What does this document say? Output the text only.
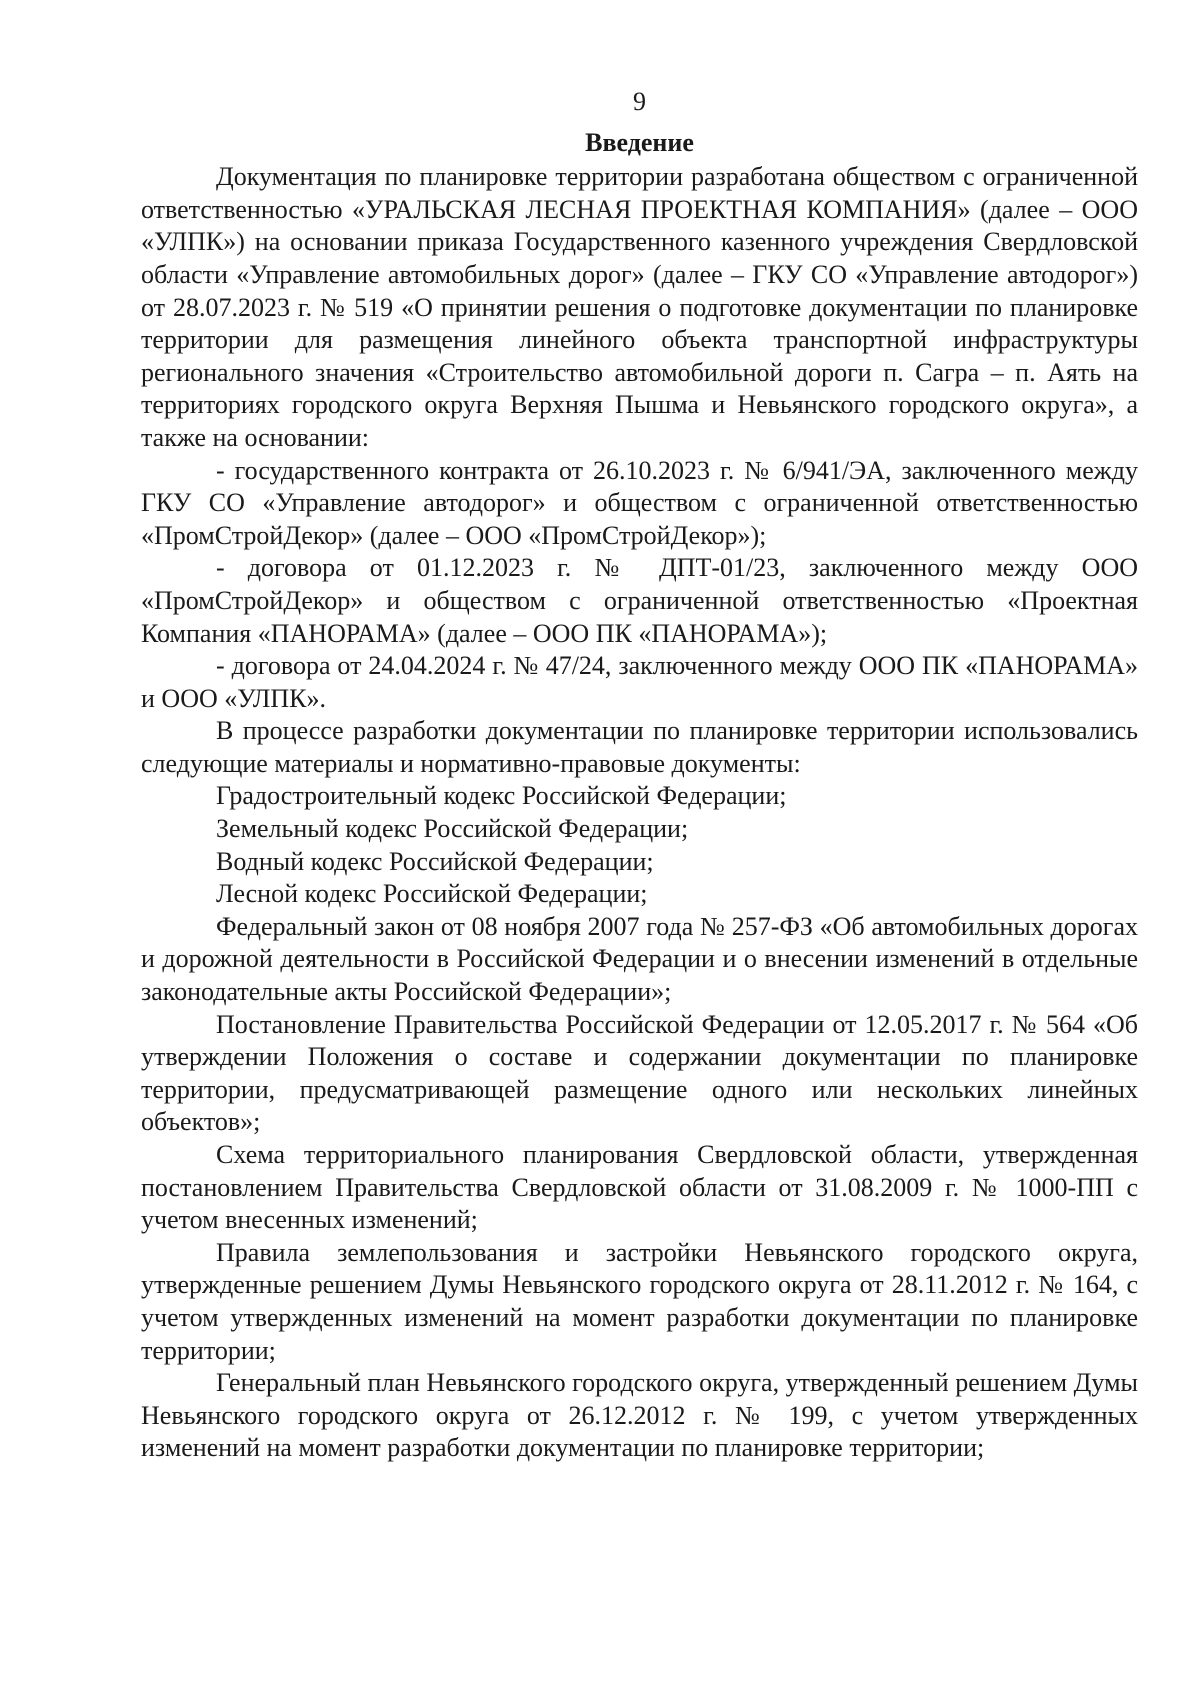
9
Введение

Документация по планировке территории разработана обществом с ограниченной ответственностью «УРАЛЬСКАЯ ЛЕСНАЯ ПРОЕКТНАЯ КОМПАНИЯ» (далее – ООО «УЛПК») на основании приказа Государственного казенного учреждения Свердловской области «Управление автомобильных дорог» (далее – ГКУ СО «Управление автодорог») от 28.07.2023 г. № 519 «О принятии решения о подготовке документации по планировке территории для размещения линейного объекта транспортной инфраструктуры регионального значения «Строительство автомобильной дороги п. Сагра – п. Аять на территориях городского округа Верхняя Пышма и Невьянского городского округа», а также на основании:

- государственного контракта от 26.10.2023 г. № 6/941/ЭА, заключенного между ГКУ СО «Управление автодорог» и обществом с ограниченной ответственностью «ПромСтройДекор» (далее – ООО «ПромСтройДекор»);

- договора от 01.12.2023 г. № ДПТ-01/23, заключенного между ООО «ПромСтройДекор» и обществом с ограниченной ответственностью «Проектная Компания «ПАНОРАМА» (далее – ООО ПК «ПАНОРАМА»);

- договора от 24.04.2024 г. № 47/24, заключенного между ООО ПК «ПАНОРАМА» и ООО «УЛПК».

В процессе разработки документации по планировке территории использовались следующие материалы и нормативно-правовые документы:

Градостроительный кодекс Российской Федерации;

Земельный кодекс Российской Федерации;

Водный кодекс Российской Федерации;

Лесной кодекс Российской Федерации;

Федеральный закон от 08 ноября 2007 года № 257-ФЗ «Об автомобильных дорогах и дорожной деятельности в Российской Федерации и о внесении изменений в отдельные законодательные акты Российской Федерации»;

Постановление Правительства Российской Федерации от 12.05.2017 г. № 564 «Об утверждении Положения о составе и содержании документации по планировке территории, предусматривающей размещение одного или нескольких линейных объектов»;

Схема территориального планирования Свердловской области, утвержденная постановлением Правительства Свердловской области от 31.08.2009 г. № 1000-ПП с учетом внесенных изменений;

Правила землепользования и застройки Невьянского городского округа, утвержденные решением Думы Невьянского городского округа от 28.11.2012 г. № 164, с учетом утвержденных изменений на момент разработки документации по планировке территории;

Генеральный план Невьянского городского округа, утвержденный решением Думы Невьянского городского округа от 26.12.2012 г. № 199, с учетом утвержденных изменений на момент разработки документации по планировке территории;
